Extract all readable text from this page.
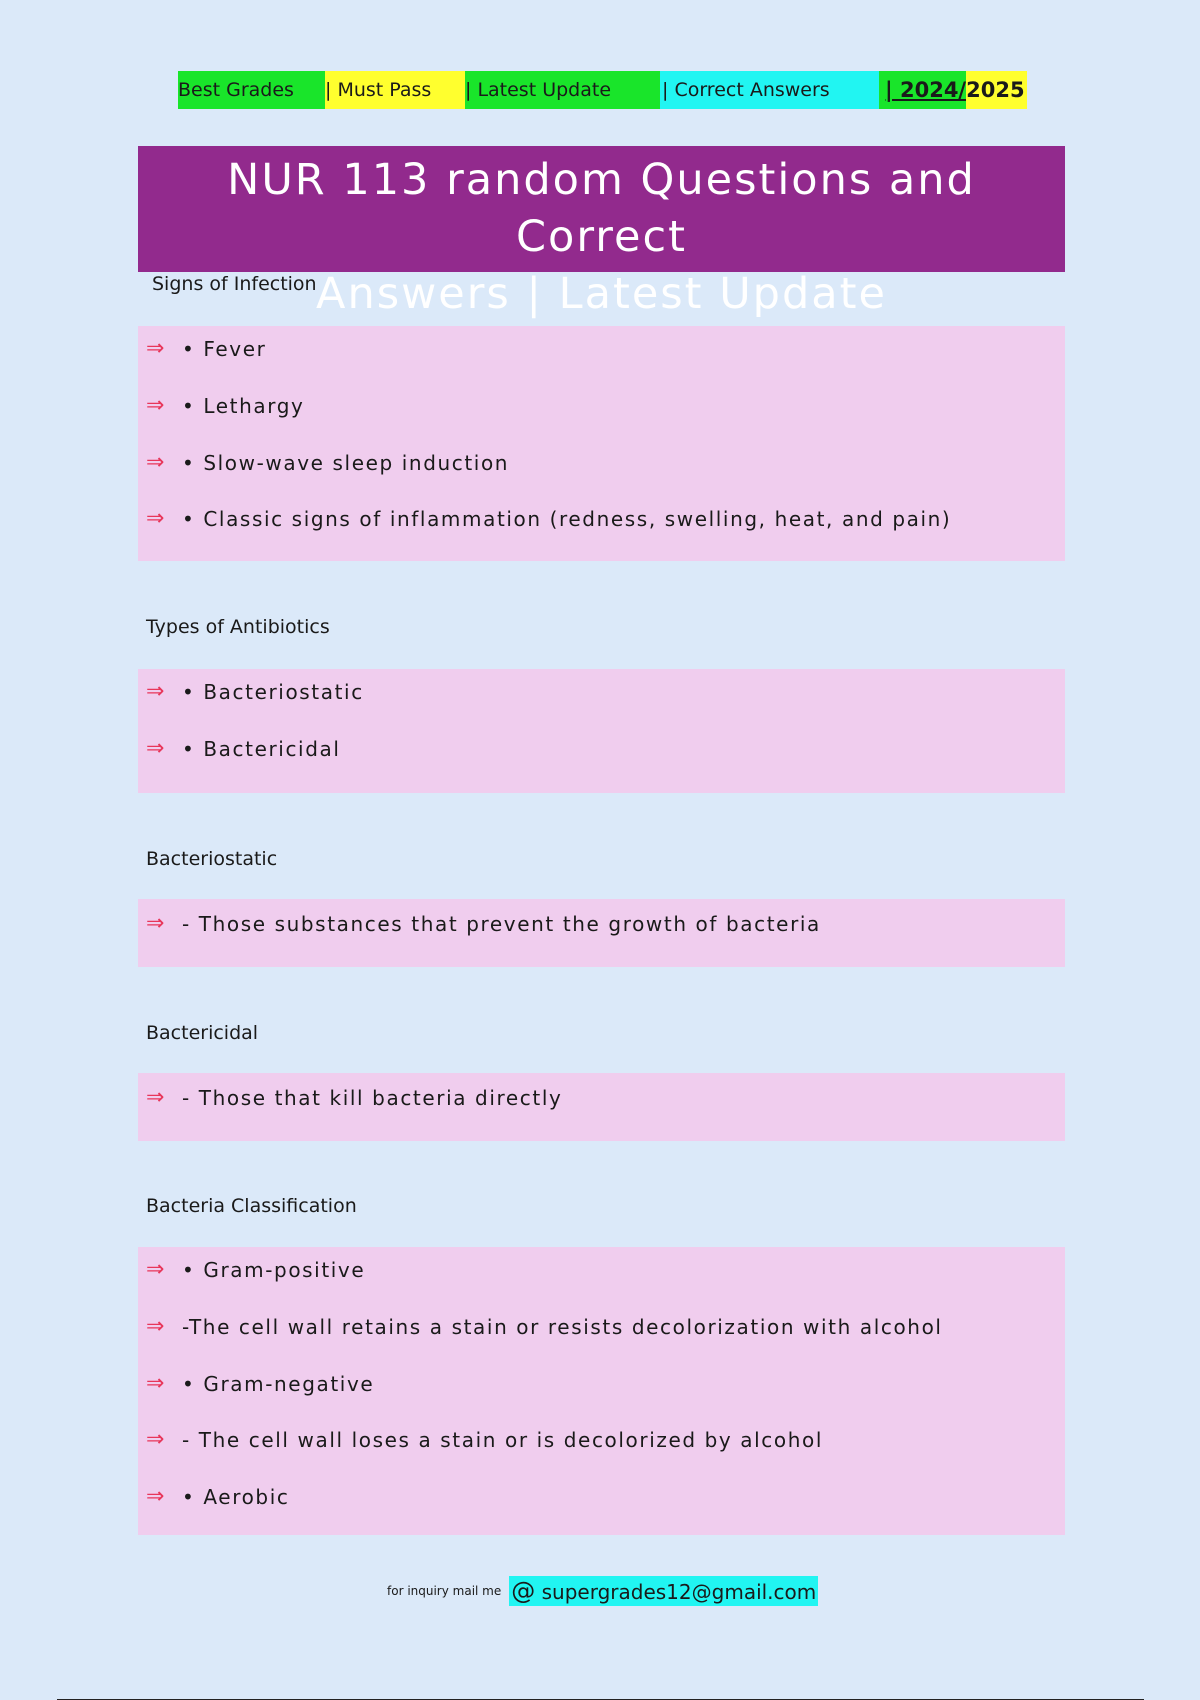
Best Grades	| Must Pass	| Latest Update	| Correct Answers	| 2024/ 2025
NUR 113 random Questions and Correct
Answers | Latest Update
Signs of Infection
⇒ • Fever
⇒ • Lethargy
⇒ • Slow-wave sleep induction
⇒ • Classic signs of inflammation (redness, swelling, heat, and pain)
Types of Antibiotics
⇒ • Bacteriostatic
⇒ • Bactericidal
Bacteriostatic
⇒ - Those substances that prevent the growth of bacteria
Bactericidal
⇒ - Those that kill bacteria directly
Bacteria Classification
⇒ • Gram-positive
⇒ -The cell wall retains a stain or resists decolorization with alcohol
⇒ • Gram-negative
⇒ - The cell wall loses a stain or is decolorized by alcohol
⇒ • Aerobic
for inquiry mail me @ supergrades12@gmail.com
